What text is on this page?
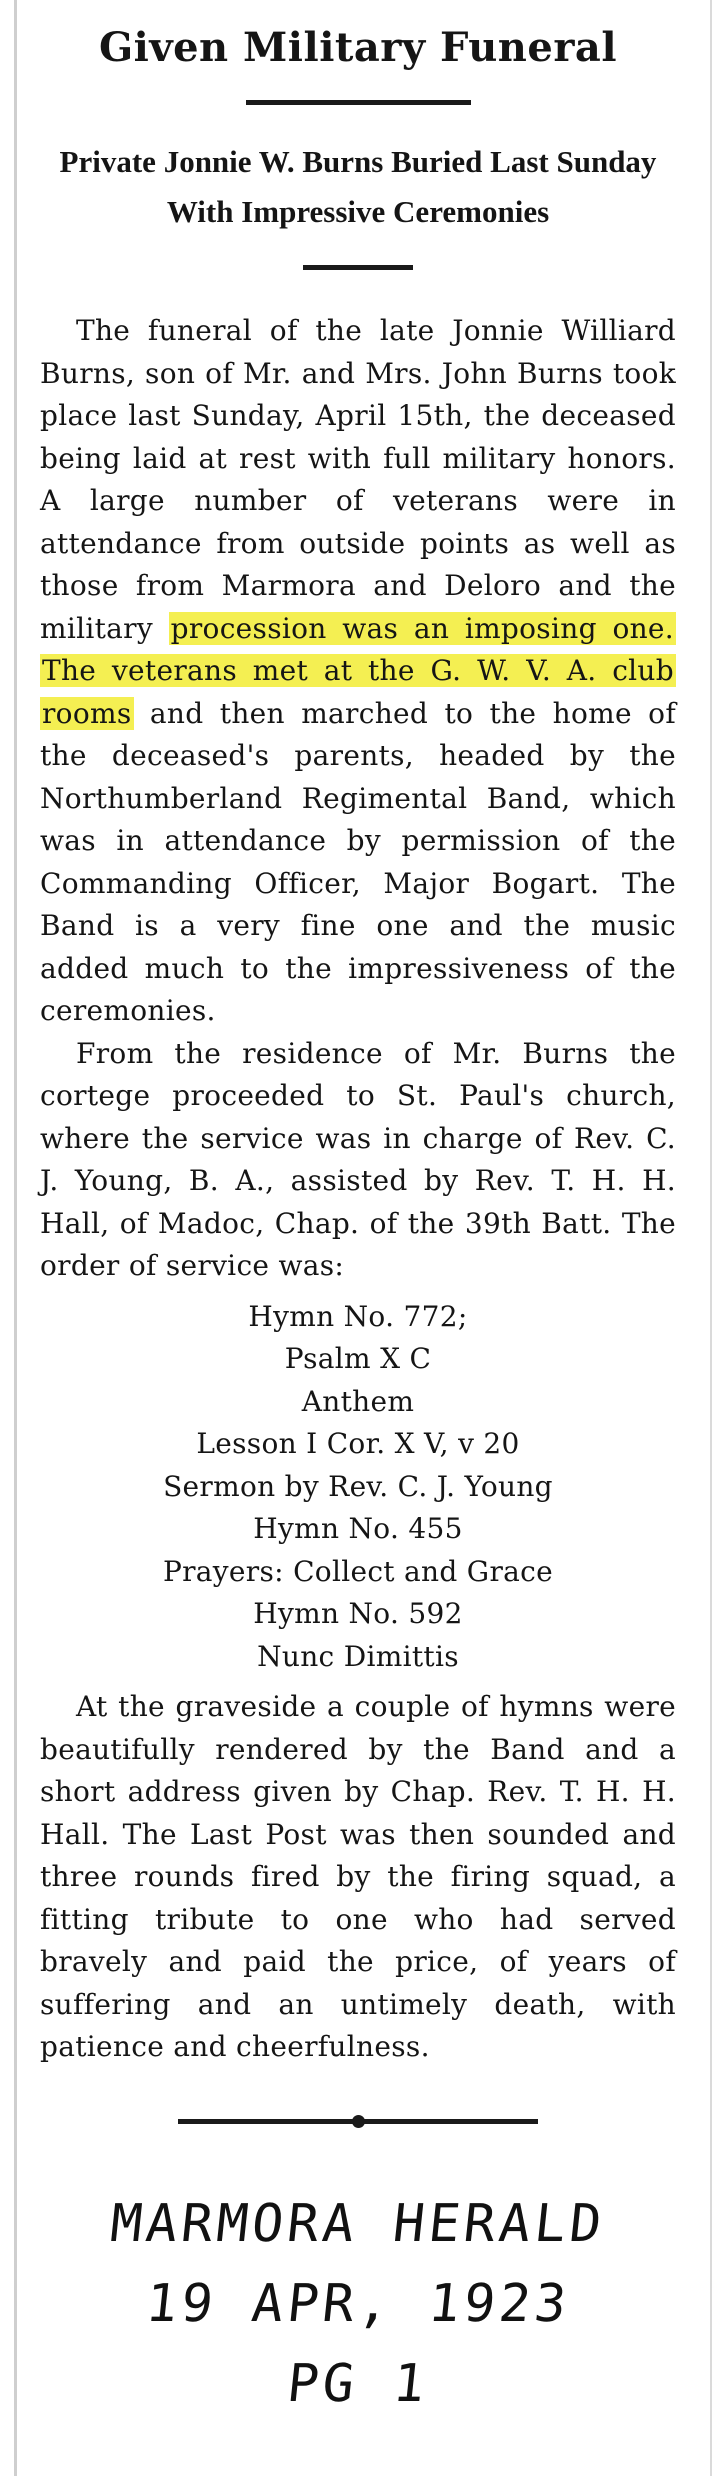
Given Military Funeral
Private Jonnie W. Burns Buried Last Sunday With Impressive Ceremonies

The funeral of the late Jonnie Williard Burns, son of Mr. and Mrs. John Burns took place last Sunday, April 15th, the deceased being laid at rest with full military honors. A large number of veterans were in attendance from outside points as well as those from Marmora and Deloro and the military procession was an imposing one. The veterans met at the G. W. V. A. club rooms and then marched to the home of the deceased's parents, headed by the Northumberland Regimental Band, which was in attendance by permission of the Commanding Officer, Major Bogart. The Band is a very fine one and the music added much to the impressiveness of the ceremonies.

From the residence of Mr. Burns the cortege proceeded to St. Paul's church, where the service was in charge of Rev. C. J. Young, B. A., assisted by Rev. T. H. H. Hall, of Madoc, Chap. of the 39th Batt. The order of service was:

Hymn No. 772;
Psalm X C
Anthem
Lesson I Cor. X V, v 20
Sermon by Rev. C. J. Young
Hymn No. 455
Prayers: Collect and Grace
Hymn No. 592
Nunc Dimittis

At the graveside a couple of hymns were beautifully rendered by the Band and a short address given by Chap. Rev. T. H. H. Hall. The Last Post was then sounded and three rounds fired by the firing squad, a fitting tribute to one who had served bravely and paid the price, of years of suffering and an untimely death, with patience and cheerfulness.

MARMORA HERALD
19 APR, 1923
PG 1
